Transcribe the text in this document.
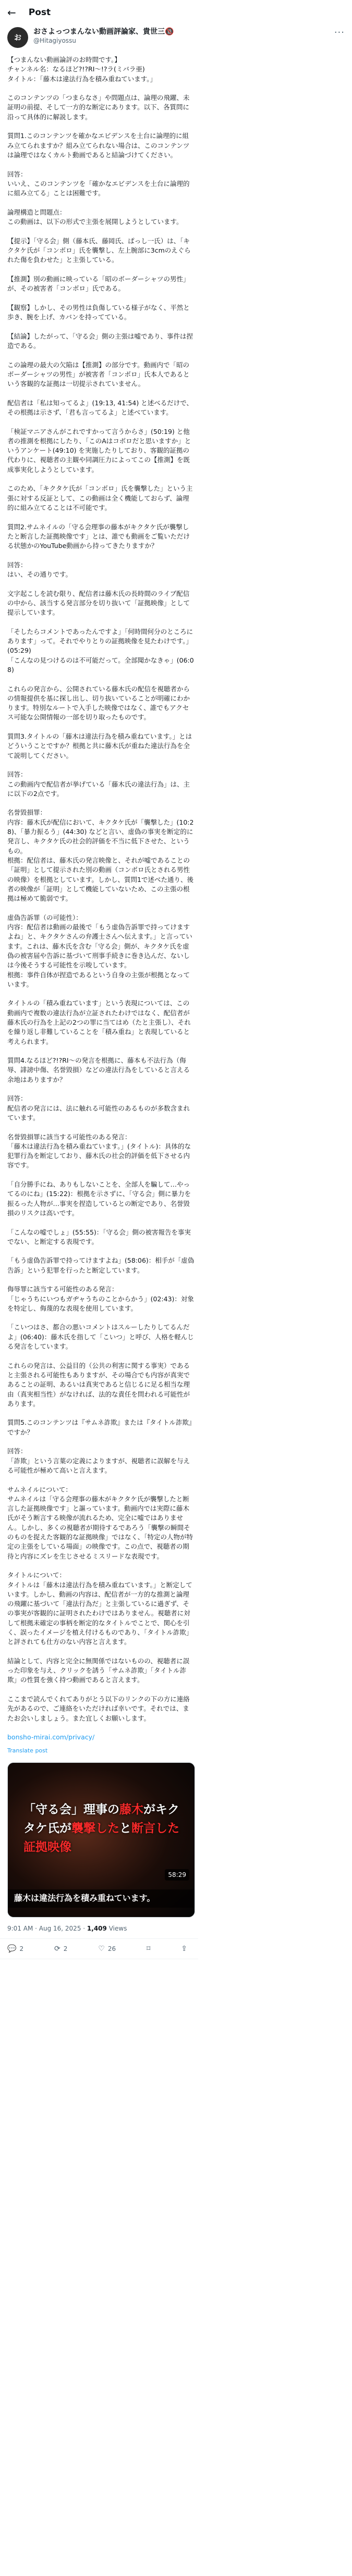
← Post
お
おさよっつまんない動画評論家、貴世三🔞
@Hitagiyossu
···
【つまんない動画論評のお時間です。】
チャンネル名：なるほど?!?RI～!?ラ(ミバラ亜)
タイトル：「藤木は違法行為を積み重ねています。」
このコンテンツの「つまらなさ」や問題点は、論理の飛躍、未証明の前提、そして一方的な断定にあります。以下、各質問に沿って具体的に解説します。
質問1.このコンテンツを確かなエビデンスを土台に論理的に組み立てられますか？組み立てられない場合は、このコンテンツは論理ではなくカルト動画であると結論づけてください。
回答：
いいえ、このコンテンツを「確かなエビデンスを土台に論理的に組み立てる」ことは困難です。
論理構造と問題点：
この動画は、以下の形式で主張を展開しようとしています。
【提示】「守る会」側（藤本氏、藤岡氏、ぱっし一氏）は、「キクタケ氏が「コンボロ」氏を襲撃し、左上腕部に3cmのえぐられた傷を負わせた」と主張している。
【推測】別の動画に映っている「昭のボーダーシャツの男性」が、その被害者「コンボロ」氏である。
【観察】しかし、その男性は負傷している様子がなく、平然と歩き、腕を上げ、カバンを持ってている。
【結論】したがって、「守る会」側の主張は嘘であり、事件は捏造である。
この論理の最大の欠陥は【推測】の部分です。動画内で「昭のボーダーシャツの男性」が被害者「コンボロ」氏本人であるという客観的な証拠は一切提示されていません。
配信者は「私は知ってるよ」(19:13, 41:54) と述べるだけで、その根拠は示さず、「君も言ってるよ」と述べています。
「検証マニアさんがこれですかって言うからさ」(50:19) と他者の推測を根拠にしたり、「このAはコボロだと思いますか」というアンケート(49:10) を実施したりしており、客観的証拠の代わりに、視聴者の主観や同調圧力によってこの【推測】を既成事実化しようとしています。
このため、「キクタケ氏が「コンボロ」氏を襲撃した」という主張に対する反証として、この動画は全く機能しておらず、論理的に組み立てることは不可能です。
質問2.サムネイルの「守る会理事の藤本がキクタケ氏が襲撃したと断言した証拠映像です」とは、誰でも動画をご覧いただける状態かのYouTube動画から持ってきたりますか？
回答：
はい、その通りです。
文字起こしを読む限り、配信者は藤木氏の長時間のライブ配信の中から、該当する発言部分を切り抜いて「証拠映像」として提示しています。
「そしたらコメントであったんですよ」「何時間何分のところにあります」って。それでやりとりの証拠映像を見たわけです。」(05:29)
「こんなの見つけるのは不可能だって。全部聞かなきゃ」(06:08)
これらの発言から、公開されている藤木氏の配信を視聴者からの情報提供を基に探し出し、切り抜いていることが明確にわかります。特別なルートで入手した映像ではなく、誰でもアクセス可能な公開情報の一部を切り取ったものです。
質問3.タイトルの「藤木は違法行為を積み重ねています。」とはどういうことですか？根拠と共に藤木氏が重ねた違法行為を全て説明してください。
回答：
この動画内で配信者が挙げている「藤木氏の違法行為」は、主に以下の2点です。
名誉毀損罪：
内容：藤木氏が配信において、キクタケ氏が「襲撃した」(10:28)、「暴力振るう」(44:30) などと言い、虚偽の事実を断定的に発言し、キクタケ氏の社会的評価を不当に低下させた、というもの。
根拠：配信者は、藤木氏の発言映像と、それが嘘であることの「証明」として提示された別の動画（コンボロ氏とされる男性の映像）を根拠としています。しかし、質問1で述べた通り、後者の映像が「証明」として機能していないため、この主張の根拠は極めて脆弱です。
虚偽告訴罪（の可能性）：
内容：配信者は動画の最後で「もう虚偽告訴罪で持ってけますよね」と、キクタケさんの弁護士さんへ伝えます。」と言っています。これは、藤木氏を含む「守る会」側が、キクタケ氏を虚偽の被害届や告訴に基づいて刑事手続きに巻き込んだ、ないしは今後そうする可能性を示唆しています。
根拠：事件自体が捏造であるという自身の主張が根拠となっています。
タイトルの「積み重ねています」という表現については、この動画内で複数の違法行為が立証されたわけではなく、配信者が藤木氏の行為を上記の2つの罪に当てはめ（たと主張し）、それを繰り返し非難していることを「積み重ね」と表現していると考えられます。
質問4.なるほど?!?RI～の発言を根拠に、藤本も不法行為（侮辱、誹謗中傷、名誉毀損）などの違法行為をしていると言える余地はありますか？
回答：
配信者の発言には、法に触れる可能性のあるものが多数含まれています。
名誉毀損罪に該当する可能性のある発言：
「藤木は違法行為を積み重ねています。」(タイトル)：具体的な犯罪行為を断定しており、藤木氏の社会的評価を低下させる内容です。
「自分勝手にね、ありもしないことを、全部人を騙して…やってるのにね」(15:22)：根拠を示さずに、「守る会」側に暴力を振るった人物が…事実を捏造しているとの断定であり、名誉毀損のリスクは高いです。
「こんなの嘘でしょ」(55:55)：「守る会」側の被害報告を事実でない、と断定する表現です。
「もう虚偽告訴罪で持ってけますよね」(58:06)：相手が「虚偽告訴」という犯罪を行ったと断定しています。
侮辱罪に該当する可能性のある発言：
「じゃうちにいつもガヂャうちのことからかう」(02:43)：対象を特定し、侮蔑的な表現を使用しています。
「こいつはさ、都合の悪いコメントはスルーしたりしてるんだよ」(06:40)：藤木氏を指して「こいつ」と呼び、人格を軽んじる発言をしています。
これらの発言は、公益目的（公共の利害に関する事実）であると主張される可能性もありますが、その場合でも内容が真実であることの証明、あるいは真実であると信じるに足る相当な理由（真実相当性）がなければ、法的な責任を問われる可能性があります。
質問5.このコンテンツは『サムネ詐欺』または『タイトル詐欺』ですか？
回答：
「詐欺」という言葉の定義によりますが、視聴者に誤解を与える可能性が極めて高いと言えます。
サムネイルについて：
サムネイルは「守る会理事の藤木がキクタケ氏が襲撃したと断言した証拠映像です」と謳っています。動画内では実際に藤木氏がそう断言する映像が流れるため、完全に嘘ではありません。しかし、多くの視聴者が期待するであろう「襲撃の瞬間そのものを捉えた客観的な証拠映像」ではなく、「特定の人物が特定の主張をしている場面」の映像です。この点で、視聴者の期待と内容にズレを生じさせるミスリードな表現です。
タイトルについて：
タイトルは「藤木は違法行為を積み重ねています。」と断定しています。しかし、動画の内容は、配信者が一方的な推測と論理の飛躍に基づいて「違法行為だ」と主張しているに過ぎず、その事実が客観的に証明されたわけではありません。視聴者に対して根拠未確定の事柄を断定的なタイトルでことで、関心を引く、誤ったイメージを植え付けるものであり、「タイトル詐欺」と評されても仕方のない内容と言えます。
結論として、内容と完全に無関係ではないものの、視聴者に誤った印象を与え、クリックを誘う「サムネ詐欺」「タイトル詐欺」の性質を強く持つ動画であると言えます。
ここまで読んでくれてありがとう以下のリンクの下の方に連絡先があるので、ご連絡をいただければ幸いです。それでは、またお会いしましょう。また宜しくお願いします。
bonsho-mirai.com/privacy/
Translate post
「守る会」理事の藤木がキクタケ氏が襲撃したと断言した証拠映像
58:29
藤木は違法行為を積み重ねています。
9:01 AM · Aug 16, 2025 · 1,409 Views
💬 2	⟳ 2	♡ 26	⌑	⇪
